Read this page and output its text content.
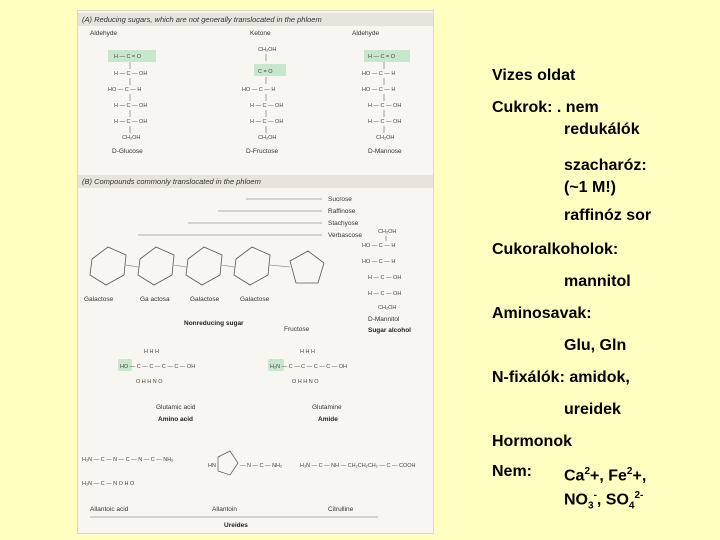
(A) Reducing sugars, which are not generally translocated in the phloem
(B) Compounds commonly translocated in the phloem
Aldehyde	Ketone	Aldehyde
H — C = O
H — C — OH
HO — C — H
H — C — OH
H — C — OH
CH₂OH
D-Glucose
CH₂OH
C = O
HO — C — H
H — C — OH
H — C — OH
CH₂OH
D-Fructose
H — C = O
HO — C — H
HO — C — H
H — C — OH
H — C — OH
CH₂OH
D-Mannose
Sucrose
Raffinose
Stachyose
Verbascose
Galactose	Ga actosa	Galactose	Galactose
Fructose
Nonreducing sugar
CH₂OH
HO — C — H
HO — C — H
H — C — OH
H — C — OH
CH₂OH
D-Mannitol
Sugar alcohol
HO — C — C — C — C — OH
H H H
O H H N O
Glutamic acid
Amino acid
H₂N — C — C — C — C — OH
H H H
O H H N O
Glutamine
Amide
H₂N — C — N — C — N — C — NH₂
H₂N — C — N O H O
HN	— N — C — NH₂	H₂N — C — NH — CH₂CH₂CH₂ — C — COOH
Allantoic acid	Allantoin	Citrulline
Ureides
Vizes oldat
Cukrok: . nem
redukálók
szacharóz:
(~1 M!)
raffinóz sor
Cukoralkoholok:
mannitol
Aminosavak:
Glu, Gln
N-fixálók: amidok,
ureidek
Hormonok
Nem: $Ca^2+$, $Fe^2+$,
$NO_3^-$, $SO_4^{2-}$
